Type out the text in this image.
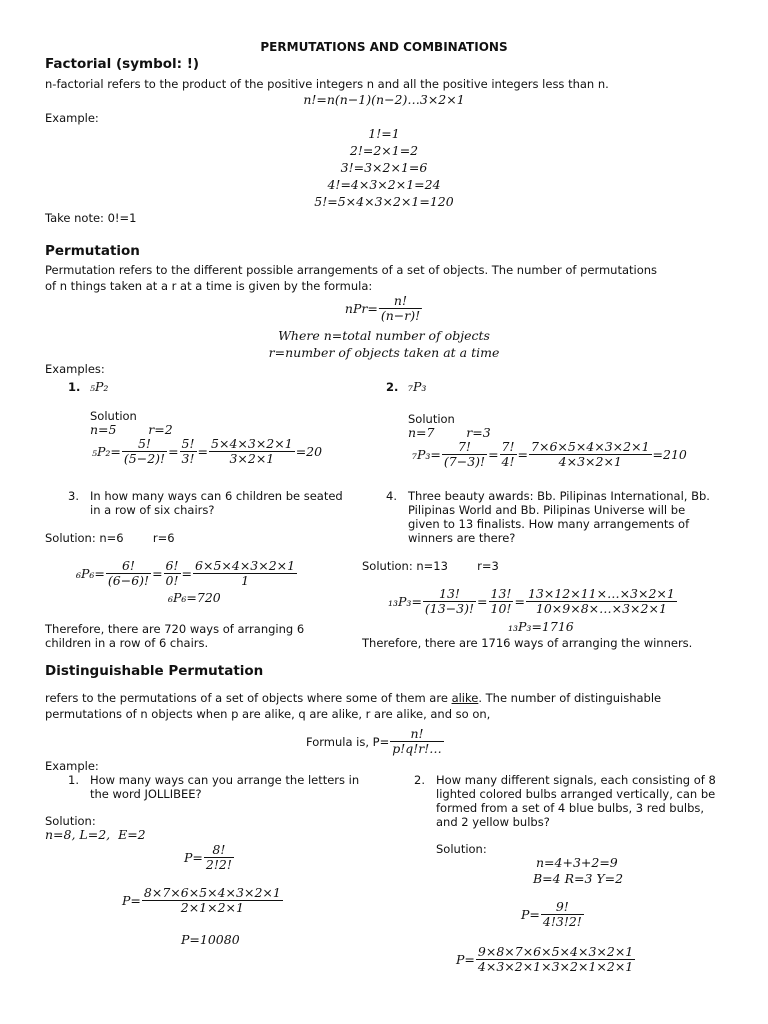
PERMUTATIONS AND COMBINATIONS
Factorial (symbol: !)
n-factorial refers to the product of the positive integers n and all the positive integers less than n.
n!=n(n−1)(n−2)…3×2×1
Example:
1!=1
2!=2×1=2
3!=3×2×1=6
4!=4×3×2×1=24
5!=5×4×3×2×1=120
Take note: 0!=1
Permutation
Permutation refers to the different possible arrangements of a set of objects. The number of permutations
of n things taken at a r at a time is given by the formula:
$nPr= \frac{n!}{(n-r)!}$
Where n=total number of objects
r=number of objects taken at a time
Examples:
1. ₅P₂
Solution
n=5        r=2
$_5P_2= \frac{5!}{(5-2)!} = \frac{5!}{3!} = \frac{5\times 4\times 3\times 2\times 1}{3\times 2\times 1} =20$
2. ₇P₃
Solution
n=7        r=3
$_7P_3= \frac{7!}{(7-3)!} = \frac{7!}{4!} = \frac{7\times 6\times 5\times 4\times 3\times 2\times 1}{4\times 3\times 2\times 1} =210$
3. In how many ways can 6 children be seated
in a row of six chairs?
Solution: n=6        r=6
$_6P_6= \frac{6!}{(6-6)!} = \frac{6!}{0!} = \frac{6\times 5\times 4\times 3\times 2\times 1}{1}$
₆P₆=720
Therefore, there are 720 ways of arranging 6
children in a row of 6 chairs.
4. Three beauty awards: Bb. Pilipinas International, Bb.
Pilipinas World and Bb. Pilipinas Universe will be
given to 13 finalists. How many arrangements of
winners are there?
Solution: n=13        r=3
$_{13}P_3= \frac{13!}{(13-3)!} = \frac{13!}{10!} = \frac{13\times 12\times 11\times\dots\times 3\times 2\times 1}{10\times 9\times 8\times\dots\times 3\times 2\times 1}$
₁₃P₃=1716
Therefore, there are 1716 ways of arranging the winners.
Distinguishable Permutation
refers to the permutations of a set of objects where some of them are alike. The number of distinguishable
permutations of n objects when p are alike, q are alike, r are alike, and so on,
Formula is, $P= \frac{n!}{p!q!r!\dots}$
Example:
1. How many ways can you arrange the letters in
the word JOLLIBEE?
Solution:
n=8, L=2,  E=2
$P= \frac{8!}{2!2!}$
$P= \frac{8\times 7\times 6\times 5\times 4\times 3\times 2\times 1}{2\times 1\times 2\times 1}$
P=10080
2. How many different signals, each consisting of 8
lighted colored bulbs arranged vertically, can be
formed from a set of 4 blue bulbs, 3 red bulbs,
and 2 yellow bulbs?
Solution:
n=4+3+2=9
B=4 R=3 Y=2
$P= \frac{9!}{4!3!2!}$
$P= \frac{9\times 8\times 7\times 6\times 5\times 4\times 3\times 2\times 1}{4\times 3\times 2\times 1\times 3\times 2\times 1\times 2\times 1}$
